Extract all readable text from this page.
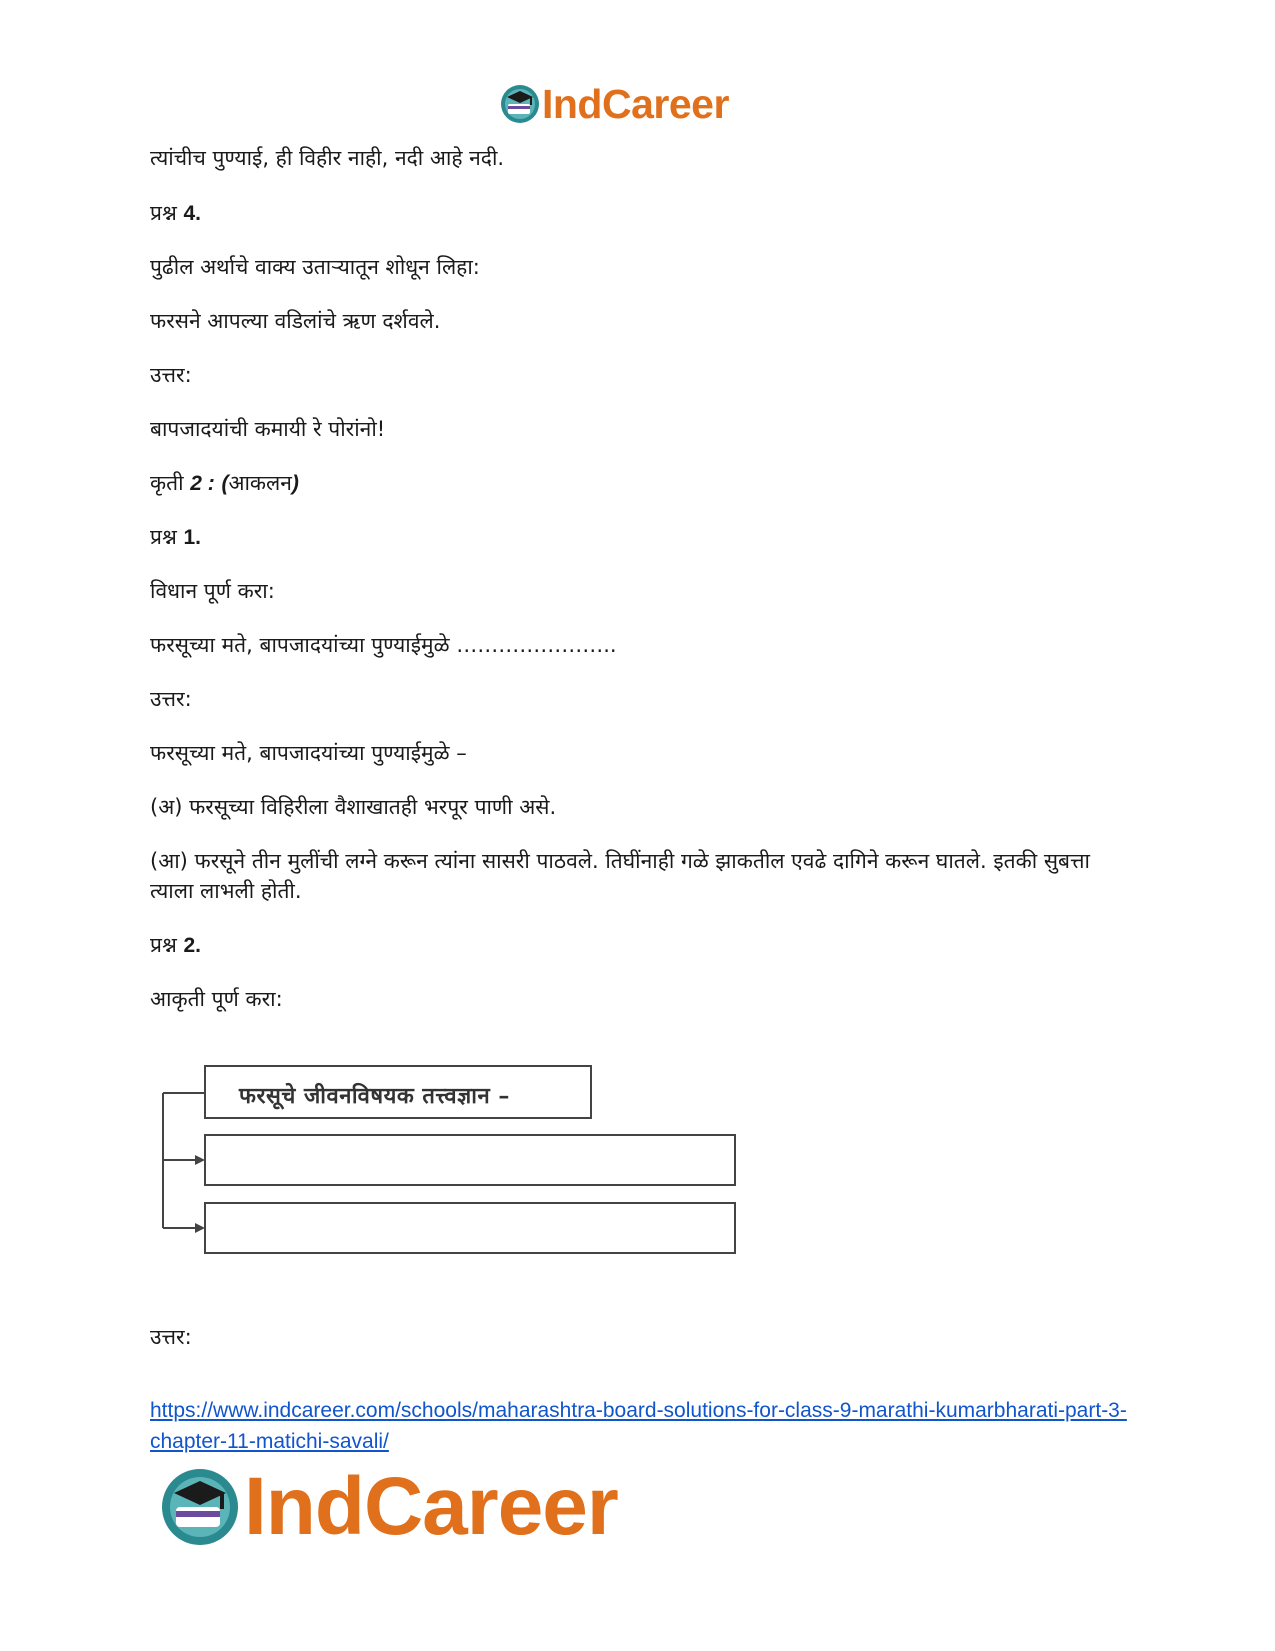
IndCareer
त्यांचीच पुण्याई, ही विहीर नाही, नदी आहे नदी.
प्रश्न 4.
पुढील अर्थाचे वाक्य उताऱ्यातून शोधून लिहा:
फरसने आपल्या वडिलांचे ऋण दर्शवले.
उत्तर:
बापजादयांची कमायी रे पोरांनो!
कृती 2 : (आकलन)
प्रश्न 1.
विधान पूर्ण करा:
फरसूच्या मते, बापजादयांच्या पुण्याईमुळे …………………..
उत्तर:
फरसूच्या मते, बापजादयांच्या पुण्याईमुळे –
(अ) फरसूच्या विहिरीला वैशाखातही भरपूर पाणी असे.
(आ) फरसूने तीन मुलींची लग्ने करून त्यांना सासरी पाठवले. तिघींनाही गळे झाकतील एवढे दागिने करून घातले. इतकी सुबत्ता त्याला लाभली होती.
प्रश्न 2.
आकृती पूर्ण करा:
फरसूचे जीवनविषयक तत्त्वज्ञान –
उत्तर:
https://www.indcareer.com/schools/maharashtra-board-solutions-for-class-9-marathi-kumarbharati-part-3-chapter-11-matichi-savali/
IndCareer
